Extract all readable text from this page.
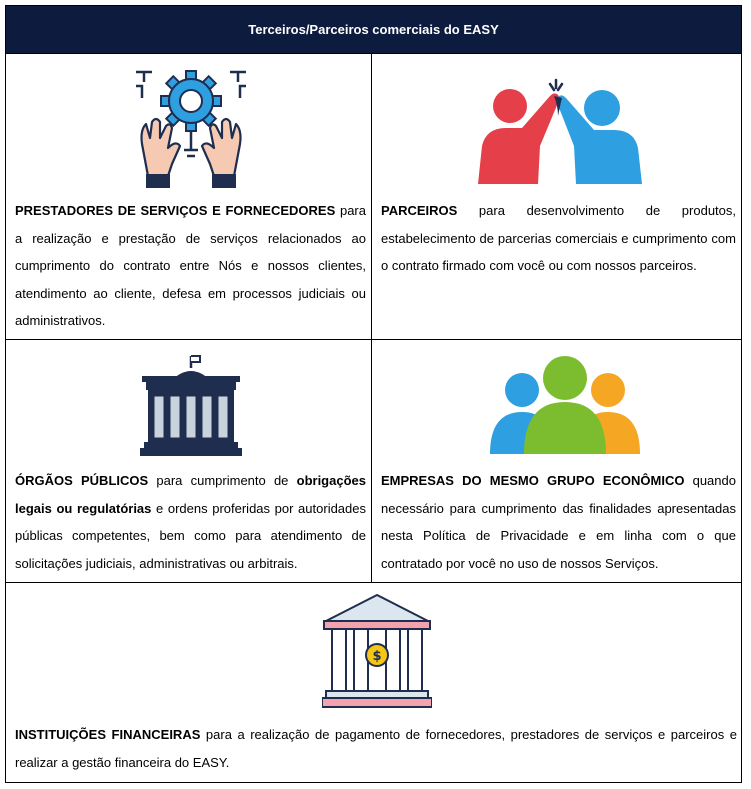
Terceiros/Parceiros comerciais do EASY
PRESTADORES DE SERVIÇOS E FORNECEDORES para a realização e prestação de serviços relacionados ao cumprimento do contrato entre Nós e nossos clientes, atendimento ao cliente, defesa em processos judiciais ou administrativos.
PARCEIROS para desenvolvimento de produtos, estabelecimento de parcerias comerciais e cumprimento com o contrato firmado com você ou com nossos parceiros.
ÓRGÃOS PÚBLICOS para cumprimento de obrigações legais ou regulatórias e ordens proferidas por autoridades públicas competentes, bem como para atendimento de solicitações judiciais, administrativas ou arbitrais.
EMPRESAS DO MESMO GRUPO ECONÔMICO quando necessário para cumprimento das finalidades apresentadas nesta Política de Privacidade e em linha com o que contratado por você no uso de nossos Serviços.
$
INSTITUIÇÕES FINANCEIRAS para a realização de pagamento de fornecedores, prestadores de serviços e parceiros e realizar a gestão financeira do EASY.
